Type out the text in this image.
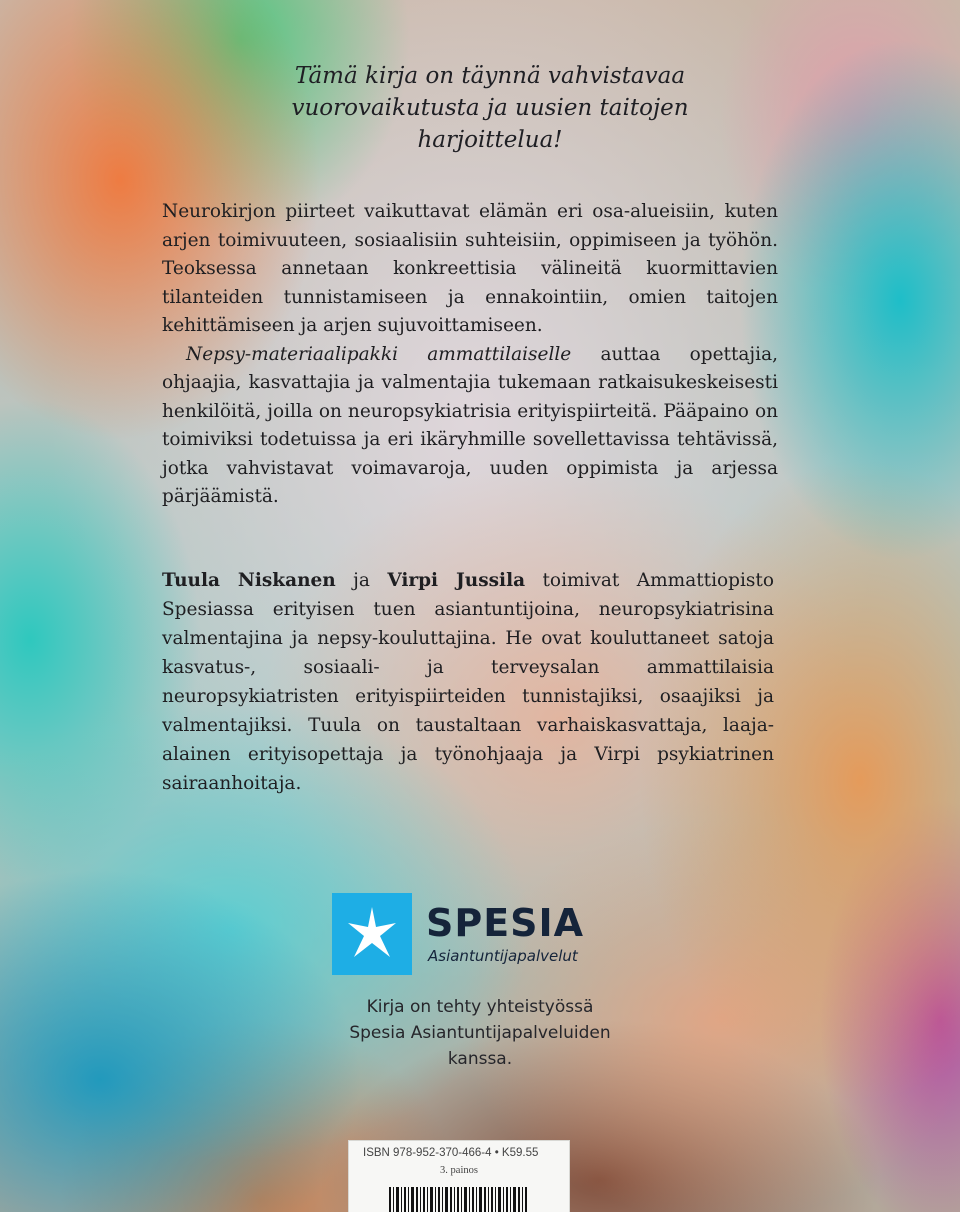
Tämä kirja on täynnä vahvistavaa
vuorovaikutusta ja uusien taitojen
harjoittelua!

Neurokirjon piirteet vaikuttavat elämän eri osa-alueisiin, kuten arjen toimivuuteen, sosiaalisiin suhteisiin, oppimiseen ja työhön. Teoksessa annetaan konkreettisia välineitä kuormittavien tilanteiden tunnistamiseen ja ennakointiin, omien taitojen kehittämiseen ja arjen sujuvoittamiseen.

Nepsy-materiaalipakki ammattilaiselle auttaa opettajia, ohjaajia, kasvattajia ja valmentajia tukemaan ratkaisukeskeisesti henkilöitä, joilla on neuropsykiatrisia erityispiirteitä. Pääpaino on toimiviksi todetuissa ja eri ikäryhmille sovellettavissa tehtävissä, jotka vahvistavat voimavaroja, uuden oppimista ja arjessa pärjäämistä.

Tuula Niskanen ja Virpi Jussila toimivat Ammattiopisto Spesiassa erityisen tuen asiantuntijoina, neuropsykiatrisina valmentajina ja nepsy-kouluttajina. He ovat kouluttaneet satoja kasvatus-, sosiaali- ja terveysalan ammattilaisia neuropsykiatristen erityispiirteiden tunnistajiksi, osaajiksi ja valmentajiksi. Tuula on taustaltaan varhaiskasvattaja, laaja-alainen erityisopettaja ja työnohjaaja ja Virpi psykiatrinen sairaanhoitaja.
SPESIA
Asiantuntijapalvelut
Kirja on tehty yhteistyössä
Spesia Asiantuntijapalveluiden
kanssa.
ISBN 978-952-370-466-4 • K59.55
3. painos
